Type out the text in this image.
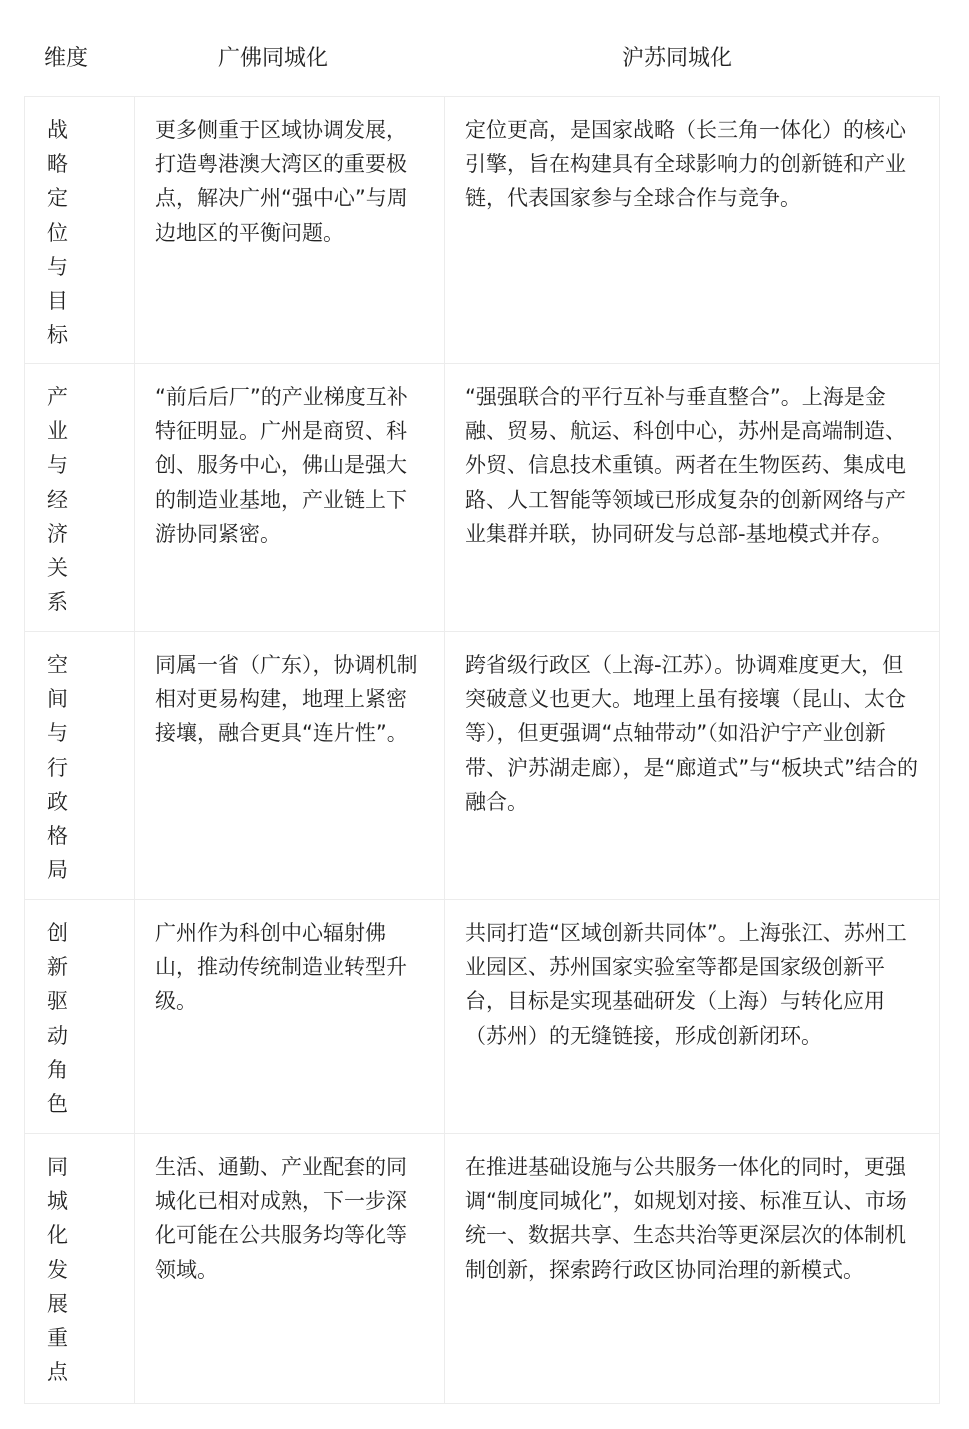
维度	广佛同城化	沪苏同城化
战略定位与目标	更多侧重于区域协调发展，打造粤港澳大湾区的重要极点，解决广州“强中心”与周边地区的平衡问题。	定位更高，是国家战略（长三角一体化）的核心引擎，旨在构建具有全球影响力的创新链和产业链，代表国家参与全球合作与竞争。

产业与经济关系	“前后后厂”的产业梯度互补特征明显。广州是商贸、科创、服务中心，佛山是强大的制造业基地，产业链上下游协同紧密。	“强强联合的平行互补与垂直整合”。上海是金融、贸易、航运、科创中心，苏州是高端制造、外贸、信息技术重镇。两者在生物医药、集成电路、人工智能等领域已形成复杂的创新网络与产业集群并联，协同研发与总部-基地模式并存。

空间与行政格局	同属一省（广东），协调机制相对更易构建，地理上紧密接壤，融合更具“连片性”。	跨省级行政区（上海-江苏）。协调难度更大，但突破意义也更大。地理上虽有接壤（昆山、太仓等），但更强调“点轴带动”（如沿沪宁产业创新带、沪苏湖走廊），是“廊道式”与“板块式”结合的融合。

创新驱动角色	广州作为科创中心辐射佛山，推动传统制造业转型升级。	共同打造“区域创新共同体”。上海张江、苏州工业园区、苏州国家实验室等都是国家级创新平台，目标是实现基础研发（上海）与转化应用（苏州）的无缝链接，形成创新闭环。

同城化发展重点	生活、通勤、产业配套的同城化已相对成熟，下一步深化可能在公共服务均等化等领域。	在推进基础设施与公共服务一体化的同时，更强调“制度同城化”，如规划对接、标准互认、市场统一、数据共享、生态共治等更深层次的体制机制创新，探索跨行政区协同治理的新模式。
